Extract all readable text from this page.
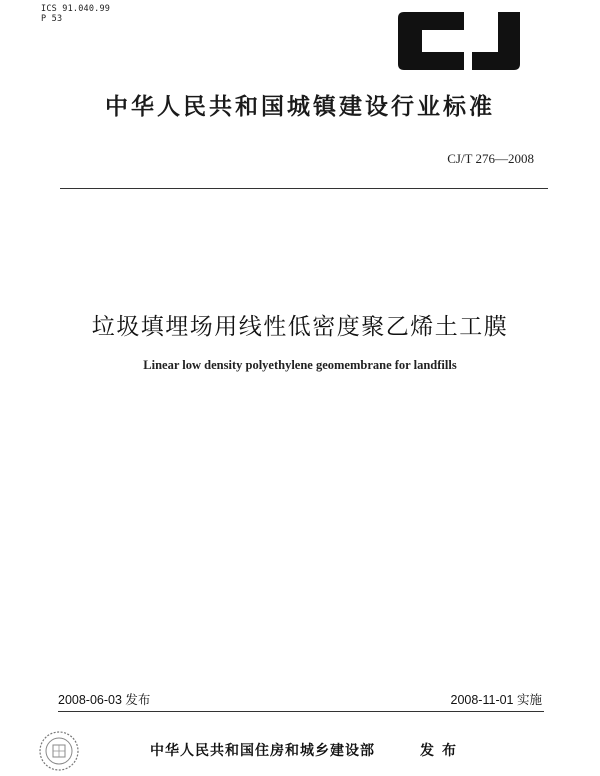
ICS 91.040.99
P 53
中华人民共和国城镇建设行业标准
CJ/T 276—2008
垃圾填埋场用线性低密度聚乙烯土工膜
Linear low density polyethylene geomembrane for landfills
2008-06-03 发布	2008-11-01 实施
中华人民共和国住房和城乡建设部	发布
